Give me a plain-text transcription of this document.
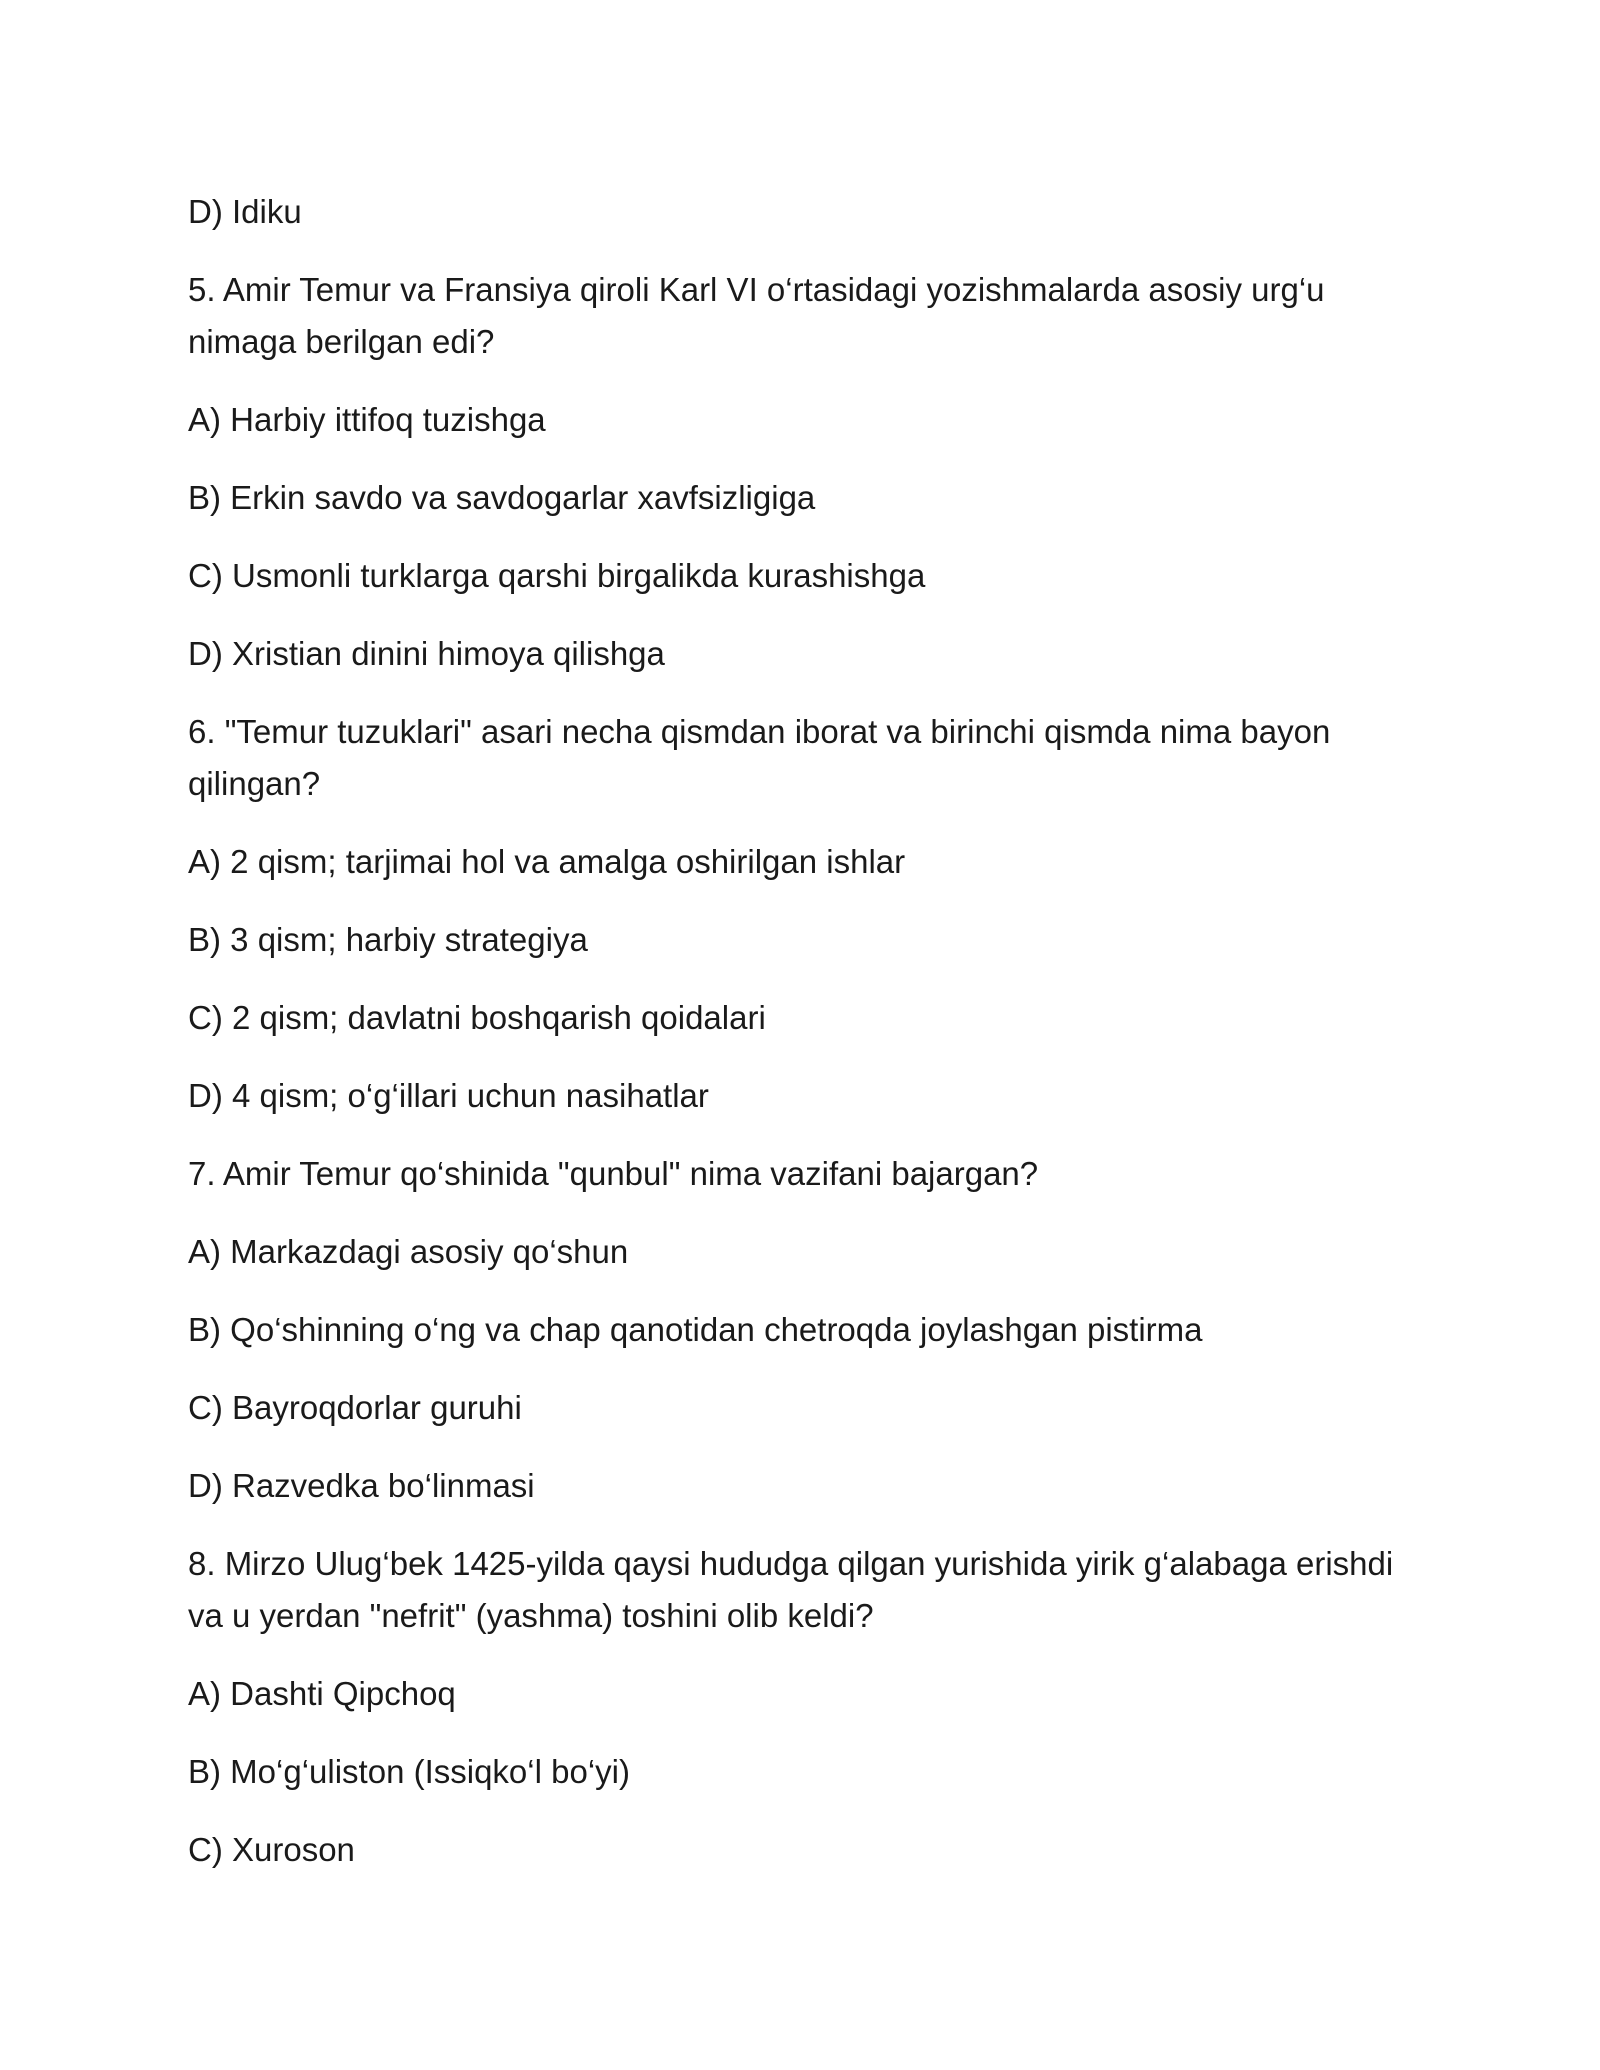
D) Idiku

5. Amir Temur va Fransiya qiroli Karl VI o‘rtasidagi yozishmalarda asosiy urg‘u nimaga berilgan edi?

A) Harbiy ittifoq tuzishga

B) Erkin savdo va savdogarlar xavfsizligiga

C) Usmonli turklarga qarshi birgalikda kurashishga

D) Xristian dinini himoya qilishga

6. "Temur tuzuklari" asari necha qismdan iborat va birinchi qismda nima bayon qilingan?

A) 2 qism; tarjimai hol va amalga oshirilgan ishlar

B) 3 qism; harbiy strategiya

C) 2 qism; davlatni boshqarish qoidalari

D) 4 qism; o‘g‘illari uchun nasihatlar

7. Amir Temur qo‘shinida "qunbul" nima vazifani bajargan?

A) Markazdagi asosiy qo‘shun

B) Qo‘shinning o‘ng va chap qanotidan chetroqda joylashgan pistirma

C) Bayroqdorlar guruhi

D) Razvedka bo‘linmasi

8. Mirzo Ulug‘bek 1425-yilda qaysi hududga qilgan yurishida yirik g‘alabaga erishdi va u yerdan "nefrit" (yashma) toshini olib keldi?

A) Dashti Qipchoq

B) Mo‘g‘uliston (Issiqko‘l bo‘yi)

C) Xuroson
